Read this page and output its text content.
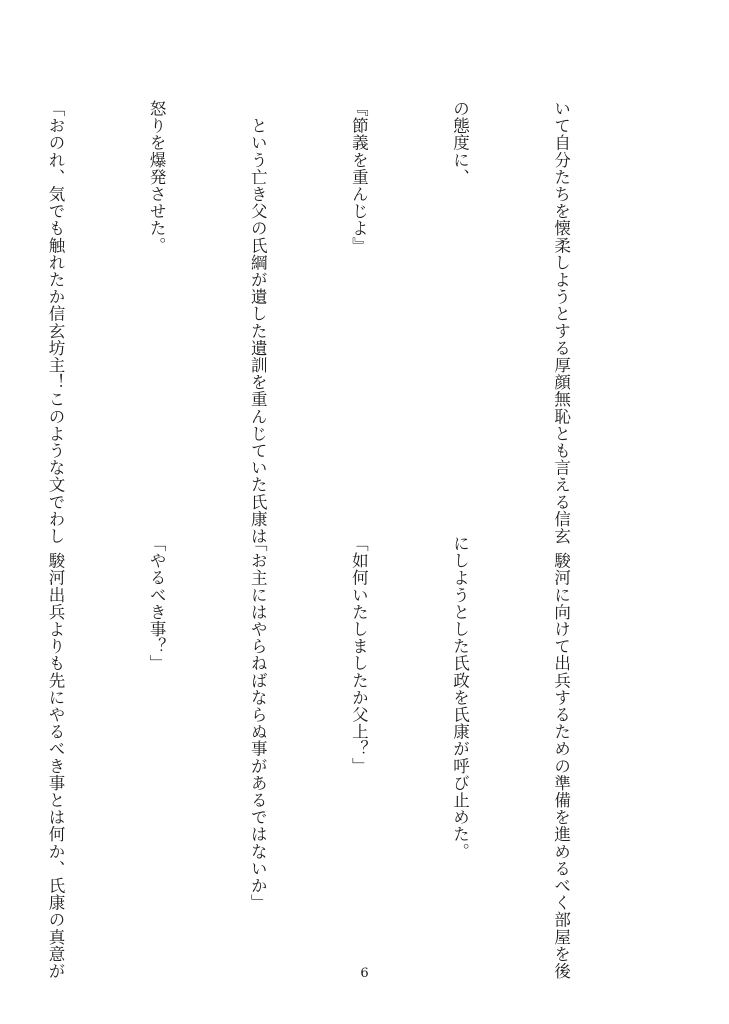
いて自分たちを懐柔しようとする厚顔無恥とも言える信玄

の態度に、

『節義を重んじよ』

　という亡き父の氏綱が遺した遺訓を重んじていた氏康は

怒りを爆発させた。

「おのれ、気でも触れたか信玄坊主！このような文でわし

　駿河に向けて出兵するための準備を進めるべく部屋を後

にしようとした氏政を氏康が呼び止めた。

「如何いたしましたか父上？」

「お主にはやらねばならぬ事があるではないか」

「やるべき事？」

　駿河出兵よりも先にやるべき事とは何か、氏康の真意が

	6
